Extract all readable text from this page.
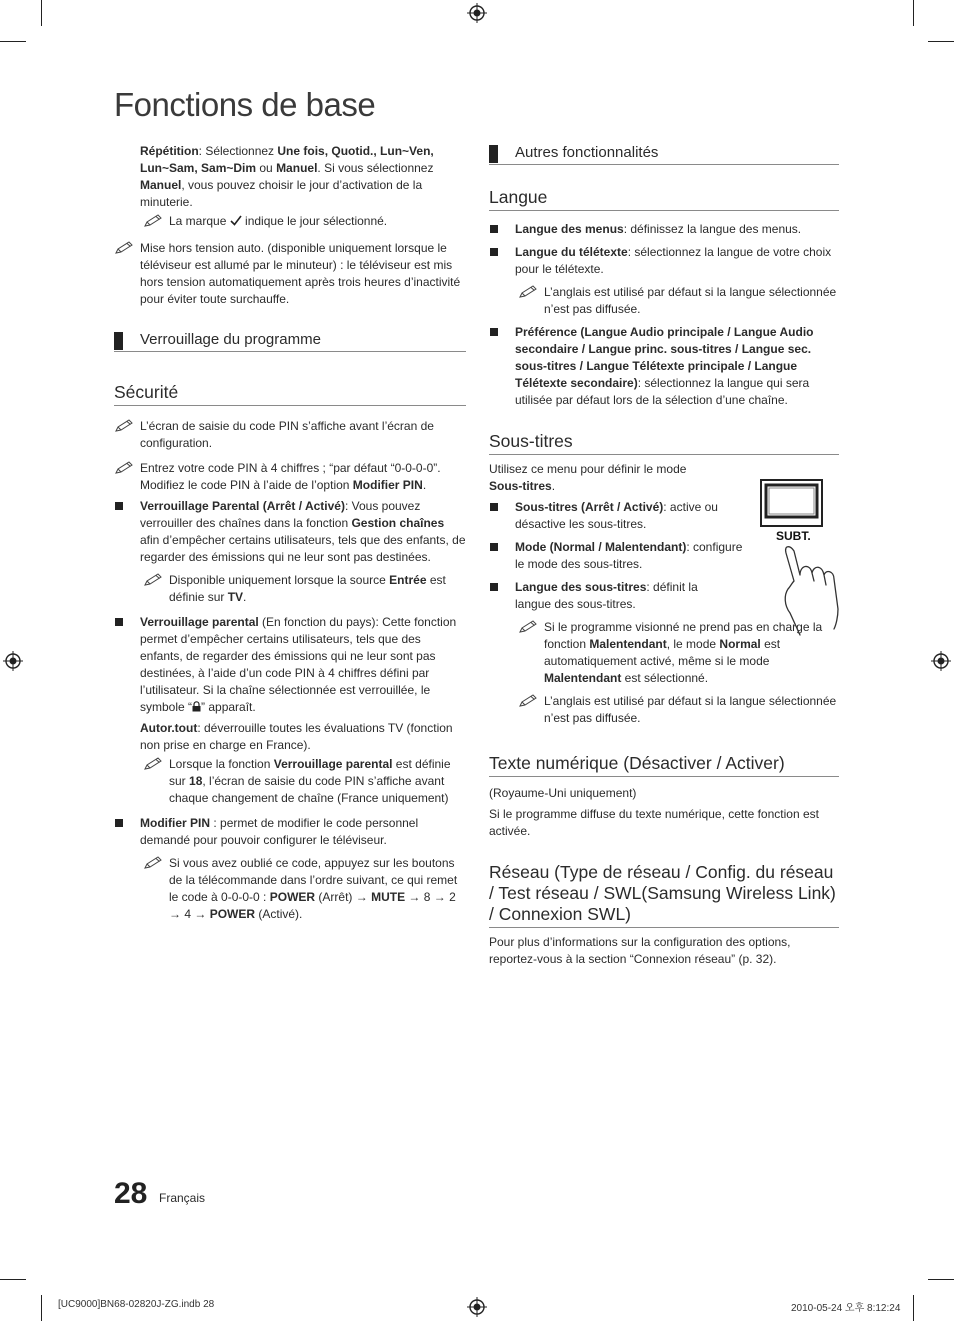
Fonctions de base

Répétition: Sélectionnez Une fois, Quotid., Lun~Ven, Lun~Sam, Sam~Dim ou Manuel. Si vous sélectionnez Manuel, vous pouvez choisir le jour d’activation de la minuterie.

La marque  indique le jour sélectionné.
Mise hors tension auto. (disponible uniquement lorsque le téléviseur est allumé par le minuteur) : le téléviseur est mis hors tension automatiquement après trois heures d’inactivité pour éviter toute surchauffe.
Verrouillage du programme
Sécurité
L’écran de saisie du code PIN s’affiche avant l’écran de configuration.
Entrez votre code PIN à 4 chiffres ; “par défaut “0-0-0-0”. Modifiez le code PIN à l’aide de l’option Modifier PIN.
Verrouillage Parental (Arrêt / Activé): Vous pouvez verrouiller des chaînes dans la fonction Gestion chaînes afin d’empêcher certains utilisateurs, tels que des enfants, de regarder des émissions qui ne leur sont pas destinées.
Disponible uniquement lorsque la source Entrée est définie sur TV.
Verrouillage parental (En fonction du pays): Cette fonction permet d’empêcher certains utilisateurs, tels que des enfants, de regarder des émissions qui ne leur sont pas destinées, à l’aide d’un code PIN à 4 chiffres défini par l’utilisateur. Si la chaîne sélectionnée est verrouillée, le symbole “ ” apparaît.

Autor.tout: déverrouille toutes les évaluations TV (fonction non prise en charge en France).

Lorsque la fonction Verrouillage parental est définie sur 18, l’écran de saisie du code PIN s’affiche avant chaque changement de chaîne (France uniquement)
Modifier PIN : permet de modifier le code personnel demandé pour pouvoir configurer le téléviseur.
Si vous avez oublié ce code, appuyez sur les boutons de la télécommande dans l’ordre suivant, ce qui remet le code à 0-0-0-0 : POWER (Arrêt) → MUTE → 8 → 2 → 4 → POWER (Activé).
Autres fonctionnalités
Langue
Langue des menus: définissez la langue des menus.
Langue du télétexte: sélectionnez la langue de votre choix pour le télétexte.
L’anglais est utilisé par défaut si la langue sélectionnée n’est pas diffusée.
Préférence (Langue Audio principale / Langue Audio secondaire / Langue princ. sous-titres / Langue sec. sous-titres / Langue Télétexte principale / Langue Télétexte secondaire): sélectionnez la langue qui sera utilisée par défaut lors de la sélection d’une chaîne.
Sous-titres

Utilisez ce menu pour définir le mode Sous-titres.

Sous-titres (Arrêt / Activé): active ou désactive les sous-titres.
Mode (Normal / Malentendant): configure le mode des sous-titres.
Langue des sous-titres: définit la langue des sous-titres.
Si le programme visionné ne prend pas en charge la fonction Malentendant, le mode Normal est automatiquement activé, même si le mode Malentendant est sélectionné.
L’anglais est utilisé par défaut si la langue sélectionnée n’est pas diffusée.
Texte numérique (Désactiver / Activer)

(Royaume-Uni uniquement)

Si le programme diffuse du texte numérique, cette fonction est activée.

Réseau (Type de réseau / Config. du réseau / Test réseau / SWL(Samsung Wireless Link) / Connexion SWL)

Pour plus d’informations sur la configuration des options, reportez-vous à la section “Connexion réseau” (p. 32).

SUBT.
28 Français
[UC9000]BN68-02820J-ZG.indb 28	2010-05-24 오후 8:12:24
